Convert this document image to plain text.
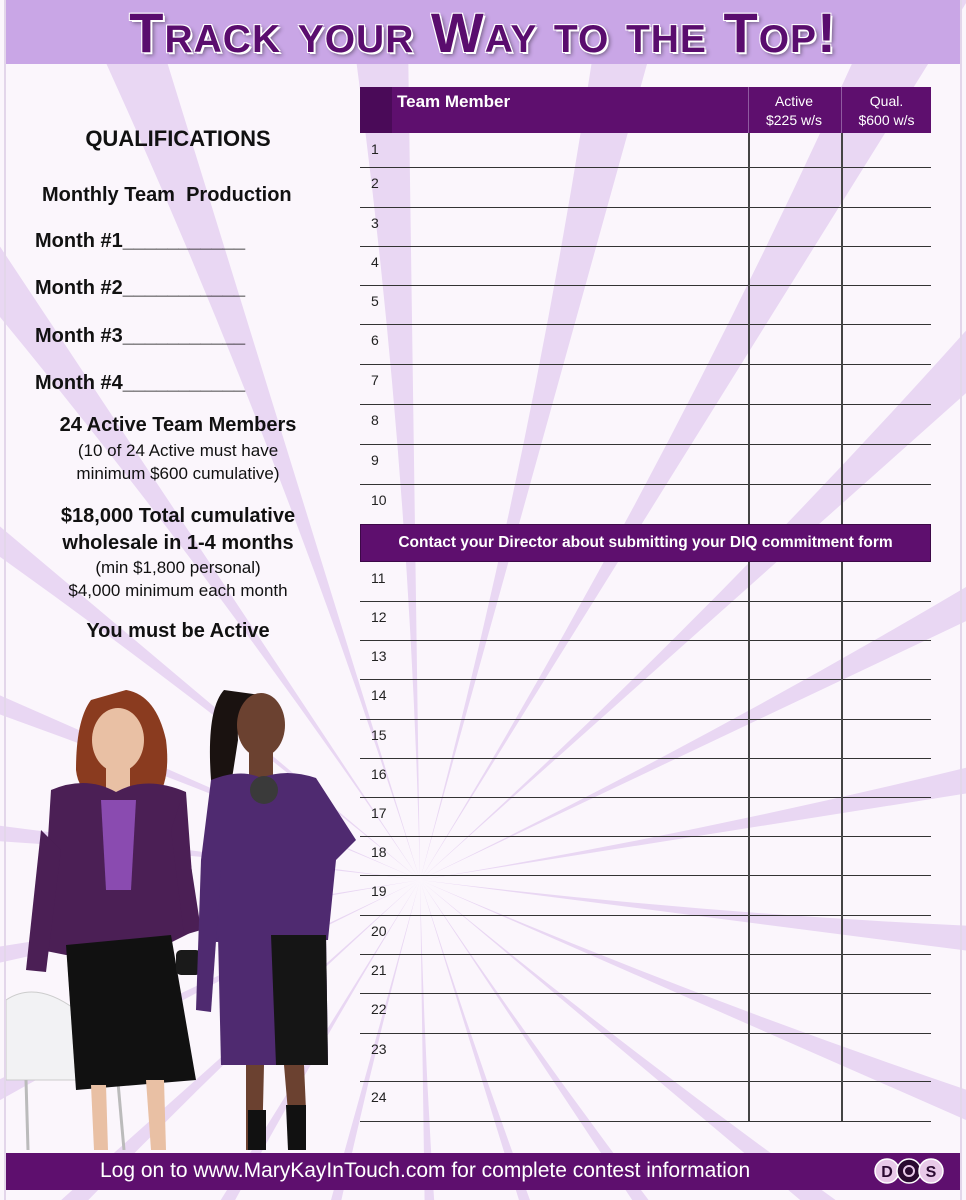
Track your Way to the Top!
QUALIFICATIONS
Monthly Team  Production
Month #1___________
Month #2___________
Month #3___________
Month #4___________
24 Active Team Members
(10 of 24 Active must have
minimum $600 cumulative)
$18,000 Total cumulative
wholesale in 1-4 months
(min $1,800 personal)
$4,000 minimum each month
You must be Active
Team Member	Active
$225 w/s
Qual.
$600 w/s
1
2
3
4
5
6
7
8
9
10
11
12
13
14
15
16
17
18
19
20
21
22
23
24
Contact your Director about submitting your DIQ commitment form
Log on to www.MaryKayInTouch.com for complete contest information	D S
